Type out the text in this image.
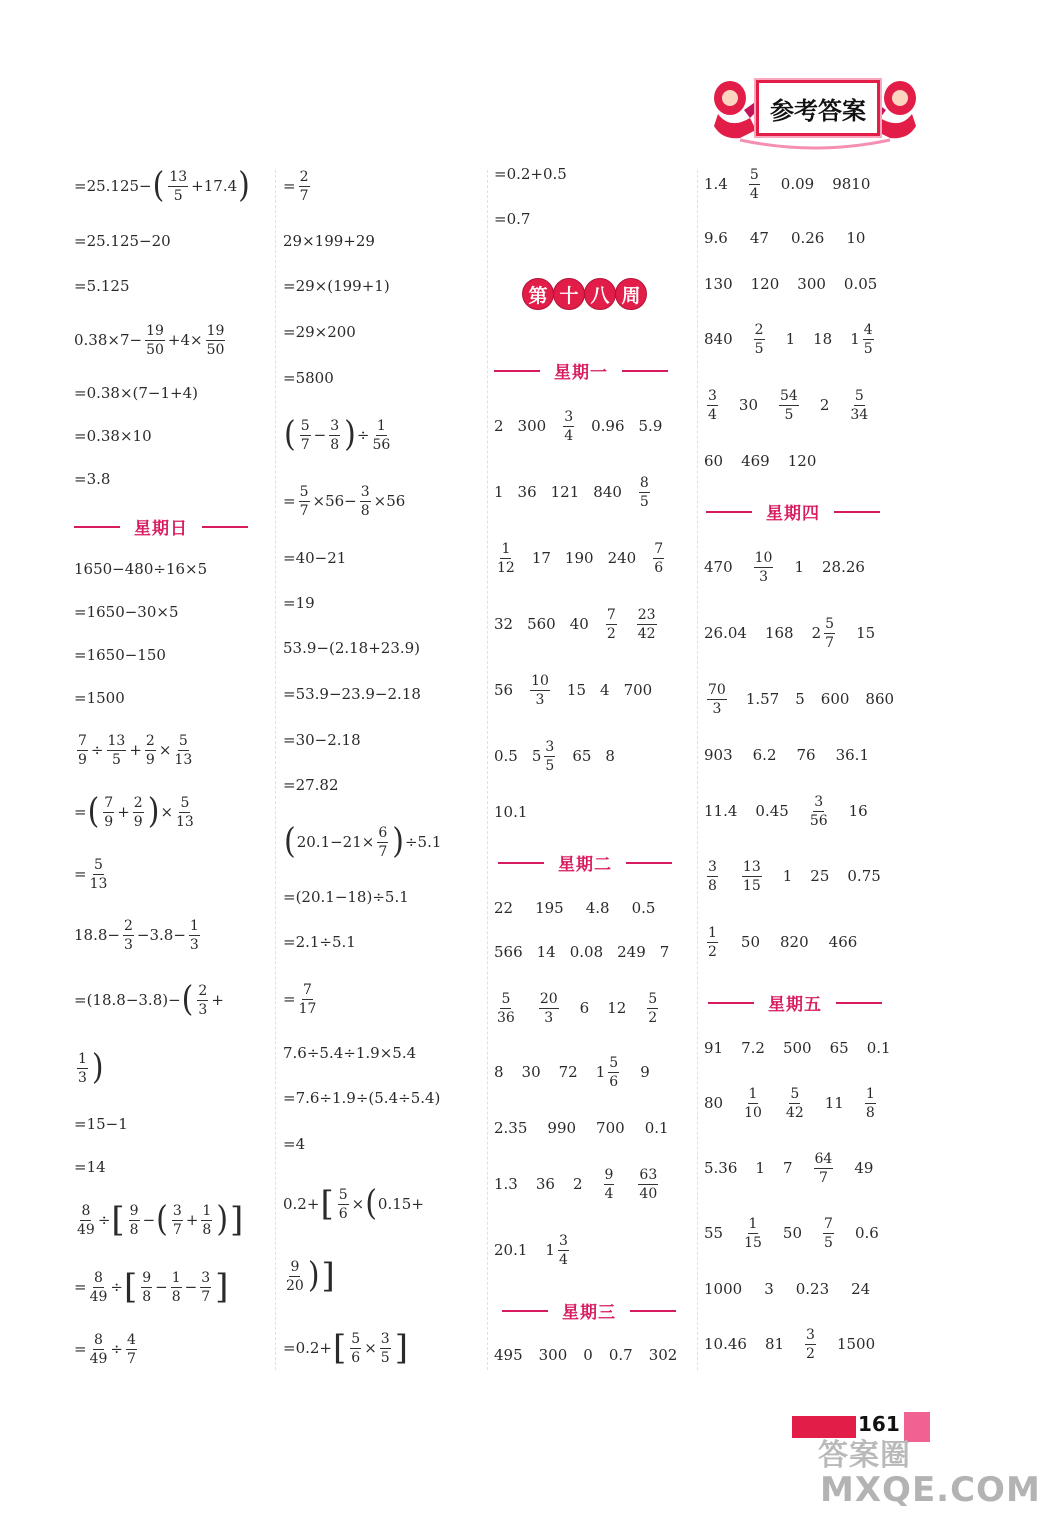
参考答案
=25.125− ( $\frac{13}{5} +17.4$ )
=25.125−20
=5.125
$0.38\times 7- \frac{19}{50} +4\times \frac{19}{50}$
=0.38×(7−1+4)
=0.38×10
=3.8
星期日
1650−480÷16×5
=1650−30×5
=1650−150
=1500
$\frac{7}{9} \div \frac{13}{5} + \frac{2}{9} \times \frac{5}{13}$
= ( $\frac{7}{9} + \frac{2}{9}$ ) × $\frac{5}{13}$
= $\frac{5}{13}$
$18.8- \frac{2}{3} -3.8- \frac{1}{3}$
=(18.8−3.8)− ( $\frac{2}{3}$ +
$\frac{1}{3}$ )
=15−1
=14
$\frac{8}{49}$ ÷ [ $\frac{9}{8}$ − ( $\frac{3}{7} + \frac{1}{8}$ ) ]
= $\frac{8}{49}$ ÷ [ $\frac{9}{8} - \frac{1}{8} - \frac{3}{7}$ ]
= $\frac{8}{49} \div \frac{4}{7}$
= $\frac{2}{7}$
29×199+29
=29×(199+1)
=29×200
=5800
( $\frac{5}{7} - \frac{3}{8}$ ) ÷ $\frac{1}{56}$
= $\frac{5}{7} \times 56- \frac{3}{8} \times 56$
=40−21
=19
53.9−(2.18+23.9)
=53.9−23.9−2.18
=30−2.18
=27.82
( $20.1-21\times \frac{6}{7}$ ) ÷5.1
=(20.1−18)÷5.1
=2.1÷5.1
= $\frac{7}{17}$
7.6÷5.4÷1.9×5.4
=7.6÷1.9÷(5.4÷5.4)
=4
0.2+ [ $\frac{5}{6}$ × ( 0.15+
$\frac{9}{20}$ ) ]
=0.2+ [ $\frac{5}{6} \times \frac{3}{5}$ ]
=0.2+0.5
=0.7
第 十 八 周
星期一
2 $300 \frac{3}{4} 0.96$ 5.9
1 36 121 $840 \frac{8}{5}$
$\frac{1}{12} 17$ 190 $240 \frac{7}{6}$
32 560 $40 \frac{7}{2} \frac{23}{42}$
$56 \frac{10}{3} 15$ 4 700
0.5 $5 \frac{3}{5} 65$ 8
10.1
星期二
22 195 4.8 0.5
566 14 0.08 249 7
$\frac{5}{36} \frac{20}{3} 6$ $12 \frac{5}{2}$
8 30 72 $1 \frac{5}{6} 9$
2.35 990 700 0.1
1.3 36 $2 \frac{9}{4} \frac{63}{40}$
20.1 $1 \frac{3}{4}$
星期三
495 300 0 0.7 302
$1.4 \frac{5}{4} 0.09$ 9810
9.6 47 0.26 10
130 120 300 0.05
$840 \frac{2}{5} 1$ 18 $1 \frac{4}{5}$
$\frac{3}{4} 30 \frac{54}{5} 2 \frac{5}{34}$
60 469 120
星期四
$470 \frac{10}{3} 1$ 28.26
26.04 168 $2 \frac{5}{7} 15$
$\frac{70}{3} 1.57$ 5 600 860
903 6.2 76 36.1
11.4 $0.45 \frac{3}{56} 16$
$\frac{3}{8} \frac{13}{15} 1$ 25 0.75
$\frac{1}{2} 50$ 820 466
星期五
91 7.2 500 65 0.1
$80 \frac{1}{10} \frac{5}{42} 11 \frac{1}{8}$
5.36 1 $7 \frac{64}{7} 49$
$55 \frac{1}{15} 50 \frac{7}{5} 0.6$
1000 3 0.23 24
10.46 $81 \frac{3}{2} 1500$
161
答案圈
MXQE.COM
